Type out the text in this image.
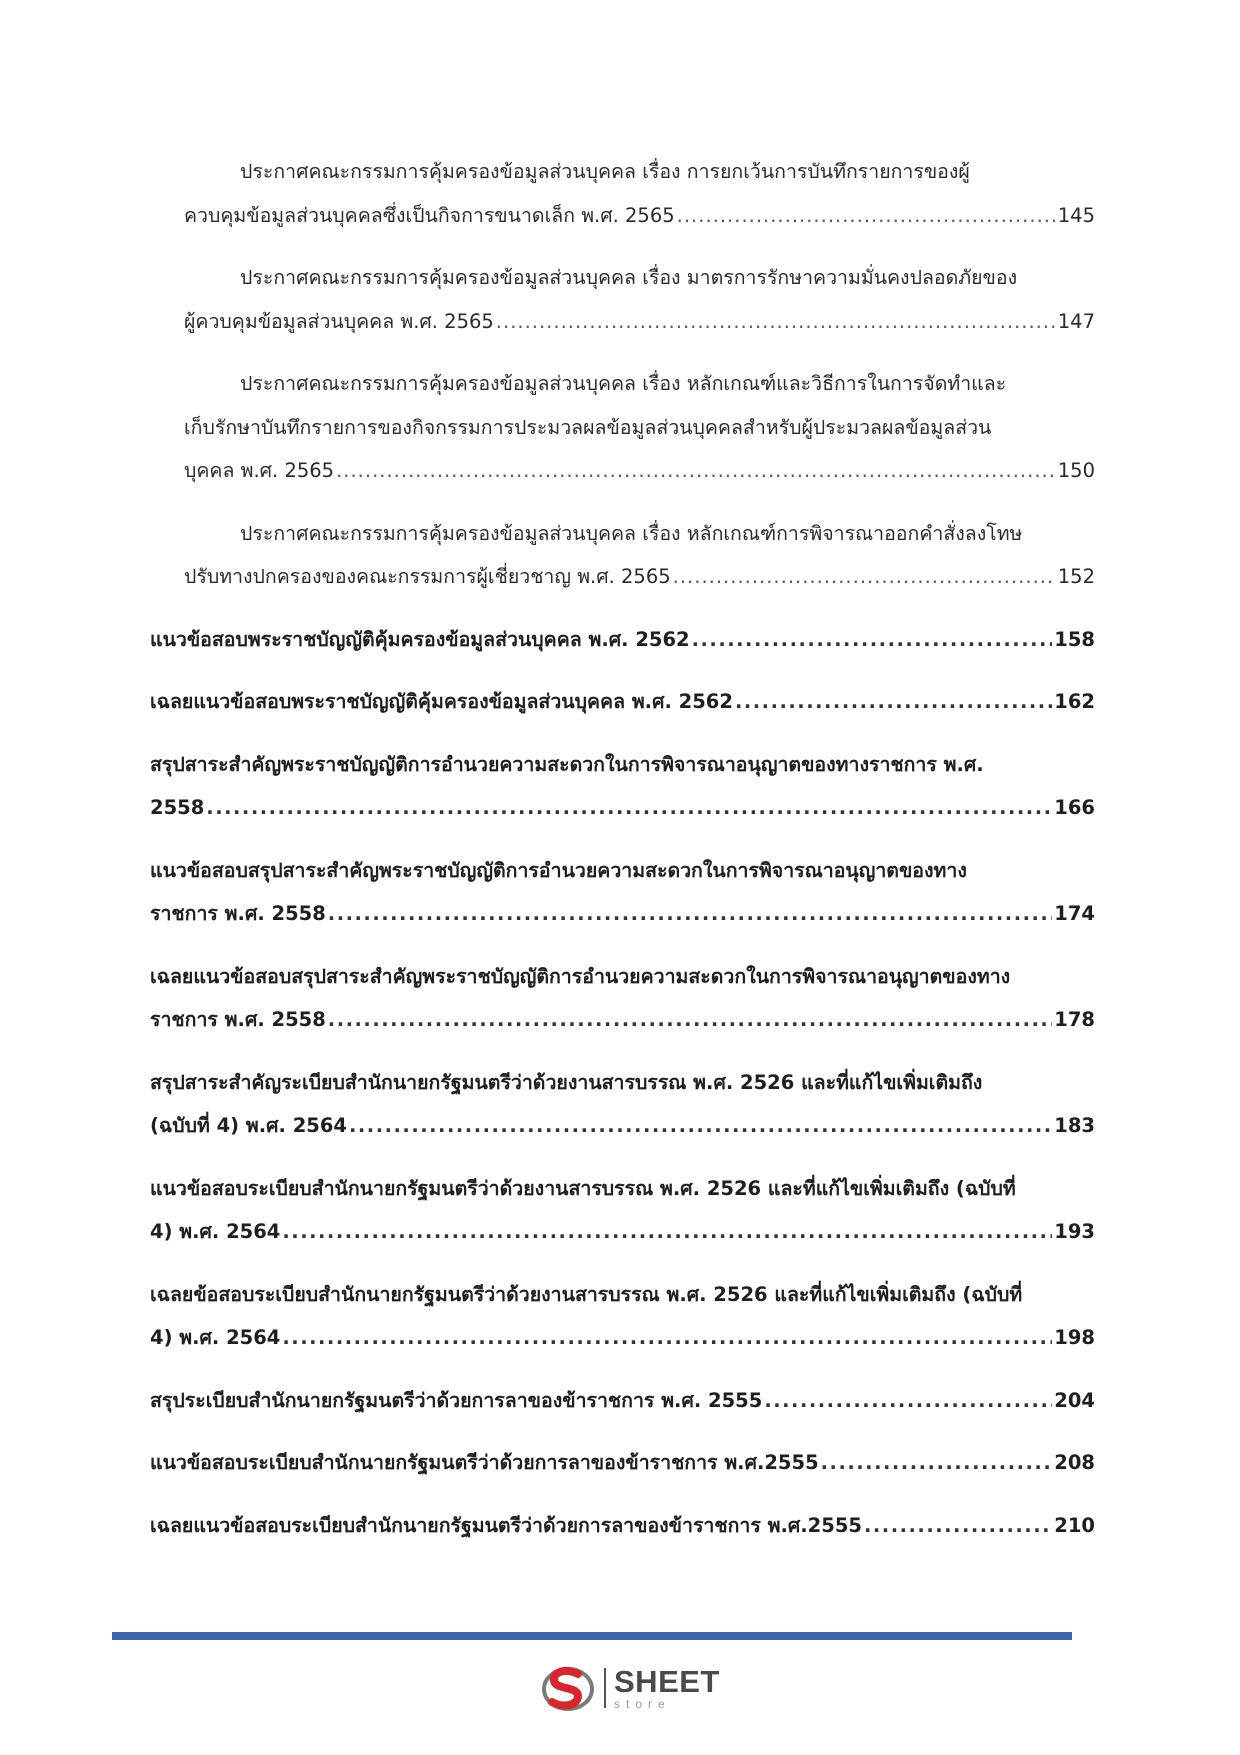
ประกาศคณะกรรมการคุ้มครองข้อมูลส่วนบุคคล เรื่อง การยกเว้นการบันทึกรายการของผู้
ควบคุมข้อมูลส่วนบุคคลซึ่งเป็นกิจการขนาดเล็ก พ.ศ. 2565 .....	145
ประกาศคณะกรรมการคุ้มครองข้อมูลส่วนบุคคล เรื่อง มาตรการรักษาความมั่นคงปลอดภัยของ
ผู้ควบคุมข้อมูลส่วนบุคคล พ.ศ. 2565 .....	147
ประกาศคณะกรรมการคุ้มครองข้อมูลส่วนบุคคล เรื่อง หลักเกณฑ์และวิธีการในการจัดทำและ
เก็บรักษาบันทึกรายการของกิจกรรมการประมวลผลข้อมูลส่วนบุคคลสำหรับผู้ประมวลผลข้อมูลส่วน
บุคคล พ.ศ. 2565 .....	150
ประกาศคณะกรรมการคุ้มครองข้อมูลส่วนบุคคล เรื่อง หลักเกณฑ์การพิจารณาออกคำสั่งลงโทษ
ปรับทางปกครองของคณะกรรมการผู้เชี่ยวชาญ พ.ศ. 2565 .....	152
แนวข้อสอบพระราชบัญญัติคุ้มครองข้อมูลส่วนบุคคล พ.ศ. 2562 .....	158
เฉลยแนวข้อสอบพระราชบัญญัติคุ้มครองข้อมูลส่วนบุคคล พ.ศ. 2562 .....	162
สรุปสาระสำคัญพระราชบัญญัติการอำนวยความสะดวกในการพิจารณาอนุญาตของทางราชการ พ.ศ.
2558 .....	166
แนวข้อสอบสรุปสาระสำคัญพระราชบัญญัติการอำนวยความสะดวกในการพิจารณาอนุญาตของทาง
ราชการ พ.ศ. 2558 .....	174
เฉลยแนวข้อสอบสรุปสาระสำคัญพระราชบัญญัติการอำนวยความสะดวกในการพิจารณาอนุญาตของทาง
ราชการ พ.ศ. 2558 .....	178
สรุปสาระสำคัญระเบียบสำนักนายกรัฐมนตรีว่าด้วยงานสารบรรณ พ.ศ. 2526 และที่แก้ไขเพิ่มเติมถึง
(ฉบับที่ 4) พ.ศ. 2564 .....	183
แนวข้อสอบระเบียบสำนักนายกรัฐมนตรีว่าด้วยงานสารบรรณ พ.ศ. 2526 และที่แก้ไขเพิ่มเติมถึง (ฉบับที่
4) พ.ศ. 2564 .....	193
เฉลยข้อสอบระเบียบสำนักนายกรัฐมนตรีว่าด้วยงานสารบรรณ พ.ศ. 2526 และที่แก้ไขเพิ่มเติมถึง (ฉบับที่
4) พ.ศ. 2564 .....	198
สรุประเบียบสำนักนายกรัฐมนตรีว่าด้วยการลาของข้าราชการ พ.ศ. 2555 .....	204
แนวข้อสอบระเบียบสำนักนายกรัฐมนตรีว่าด้วยการลาของข้าราชการ พ.ศ.2555 .....	208
เฉลยแนวข้อสอบระเบียบสำนักนายกรัฐมนตรีว่าด้วยการลาของข้าราชการ พ.ศ.2555 .....	210
SHEET
store
